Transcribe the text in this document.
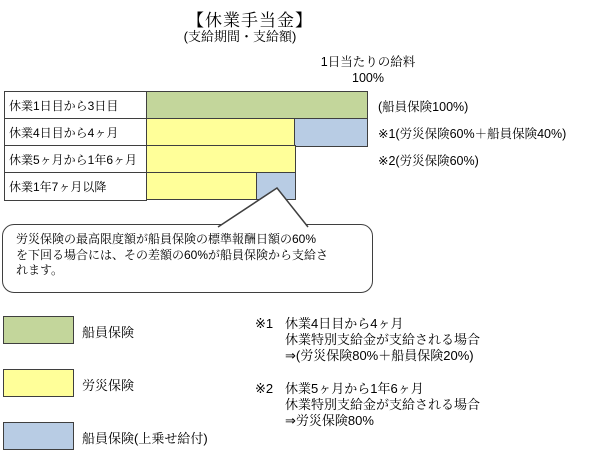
【休業手当金】
(支給期間・支給額)
1日当たりの給料
100%
休業1日目から3日目
休業4日目から4ヶ月
休業5ヶ月から1年6ヶ月
休業1年7ヶ月以降
(船員保険100%)
※1(労災保険60%＋船員保険40%)
※2(労災保険60%)
労災保険の最高限度額が船員保険の標準報酬日額の60%
を下回る場合には、その差額の60%が船員保険から支給さ
れます。
船員保険
労災保険
船員保険(上乗せ給付)
※1 休業4日目から4ヶ月
休業特別支給金が支給される場合
⇒(労災保険80%＋船員保険20%)
※2 休業5ヶ月から1年6ヶ月
休業特別支給金が支給される場合
⇒労災保険80%
